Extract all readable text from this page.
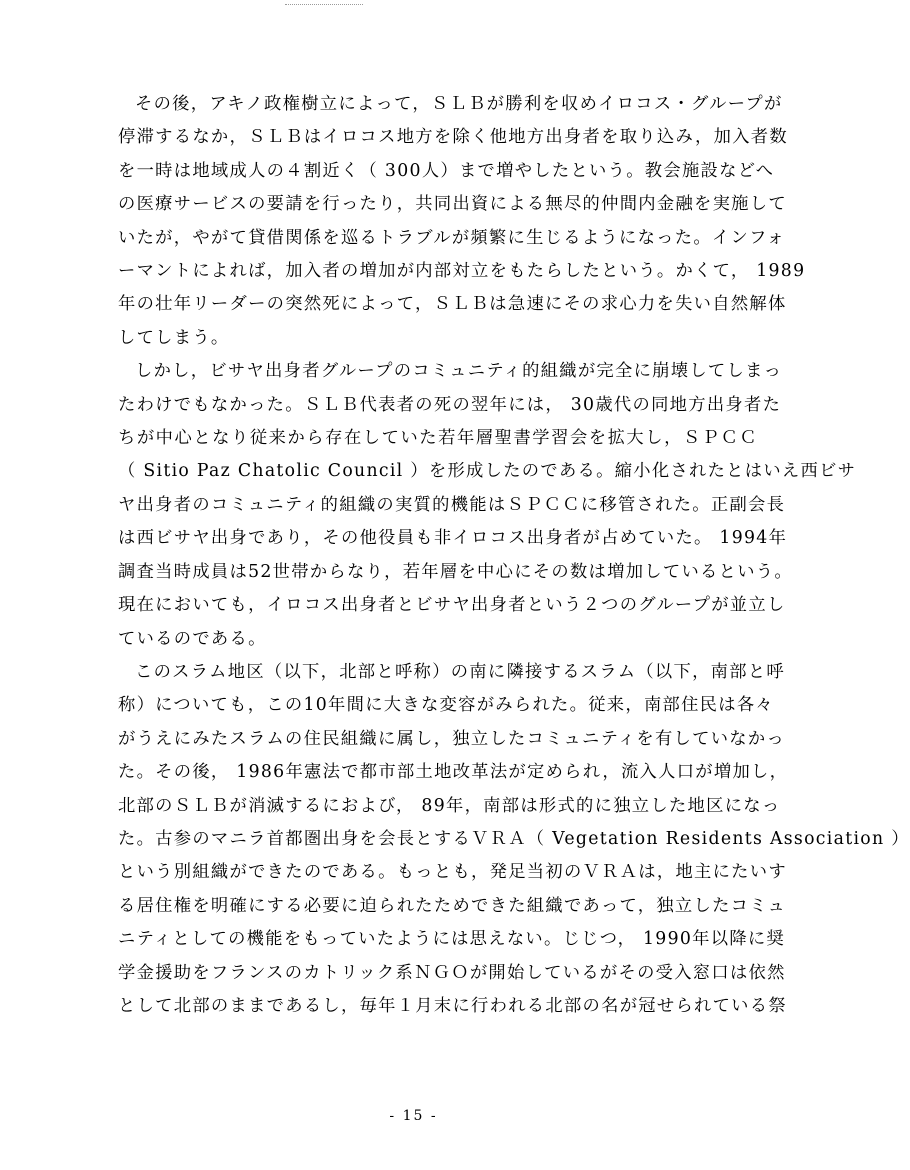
その後，アキノ政権樹立によって，ＳＬＢが勝利を収めイロコス・グループが
停滞するなか，ＳＬＢはイロコス地方を除く他地方出身者を取り込み，加入者数
を一時は地域成人の４割近く（ 300人）まで増やしたという。教会施設などへ
の医療サービスの要請を行ったり，共同出資による無尽的仲間内金融を実施して
いたが，やがて貸借関係を巡るトラブルが頻繁に生じるようになった。インフォ
ーマントによれば，加入者の増加が内部対立をもたらしたという。かくて， 1989
年の壮年リーダーの突然死によって，ＳＬＢは急速にその求心力を失い自然解体
してしまう。
しかし，ビサヤ出身者グループのコミュニティ的組織が完全に崩壊してしまっ
たわけでもなかった。ＳＬＢ代表者の死の翌年には， 30歳代の同地方出身者た
ちが中心となり従来から存在していた若年層聖書学習会を拡大し，ＳＰＣＣ
（ Sitio Paz Chatolic Council ）を形成したのである。縮小化されたとはいえ西ビサ
ヤ出身者のコミュニティ的組織の実質的機能はＳＰＣＣに移管された。正副会長
は西ビサヤ出身であり，その他役員も非イロコス出身者が占めていた。 1994年
調査当時成員は52世帯からなり，若年層を中心にその数は増加しているという。
現在においても，イロコス出身者とビサヤ出身者という２つのグループが並立し
ているのである。
このスラム地区（以下，北部と呼称）の南に隣接するスラム（以下，南部と呼
称）についても，この10年間に大きな変容がみられた。従来，南部住民は各々
がうえにみたスラムの住民組織に属し，独立したコミュニティを有していなかっ
た。その後， 1986年憲法で都市部土地改革法が定められ，流入人口が増加し，
北部のＳＬＢが消滅するにおよび， 89年，南部は形式的に独立した地区になっ
た。古参のマニラ首都圏出身を会長とするＶＲＡ（ Vegetation Residents Association ）
という別組織ができたのである。もっとも，発足当初のＶＲＡは，地主にたいす
る居住権を明確にする必要に迫られたためできた組織であって，独立したコミュ
ニティとしての機能をもっていたようには思えない。じじつ， 1990年以降に奨
学金援助をフランスのカトリック系ＮＧＯが開始しているがその受入窓口は依然
として北部のままであるし，毎年１月末に行われる北部の名が冠せられている祭
- 15 -
